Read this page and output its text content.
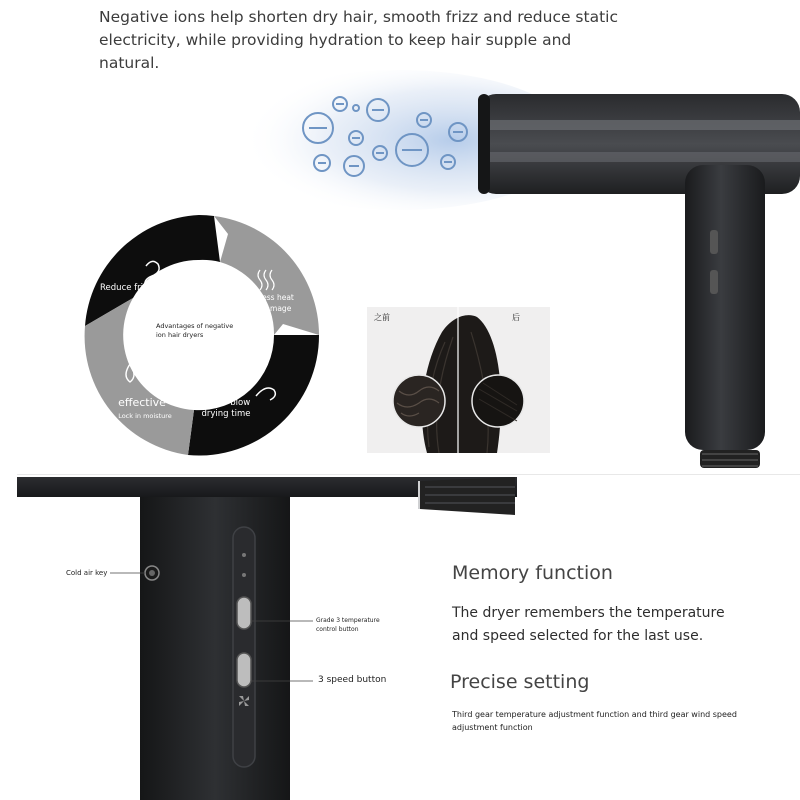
Negative ions help shorten dry hair, smooth frizz and reduce static electricity, while providing hydration to keep hair supple and natural.
Reduce frizz
Less heat damage
Faster blow drying time
effective
Lock in moisture
Advantages of negative ion hair dryers
之前	后
Cold air key
Grade 3 temperature control button
3 speed button
Memory function
The dryer remembers the temperature and speed selected for the last use.
Precise setting
Third gear temperature adjustment function and third gear wind speed adjustment function
